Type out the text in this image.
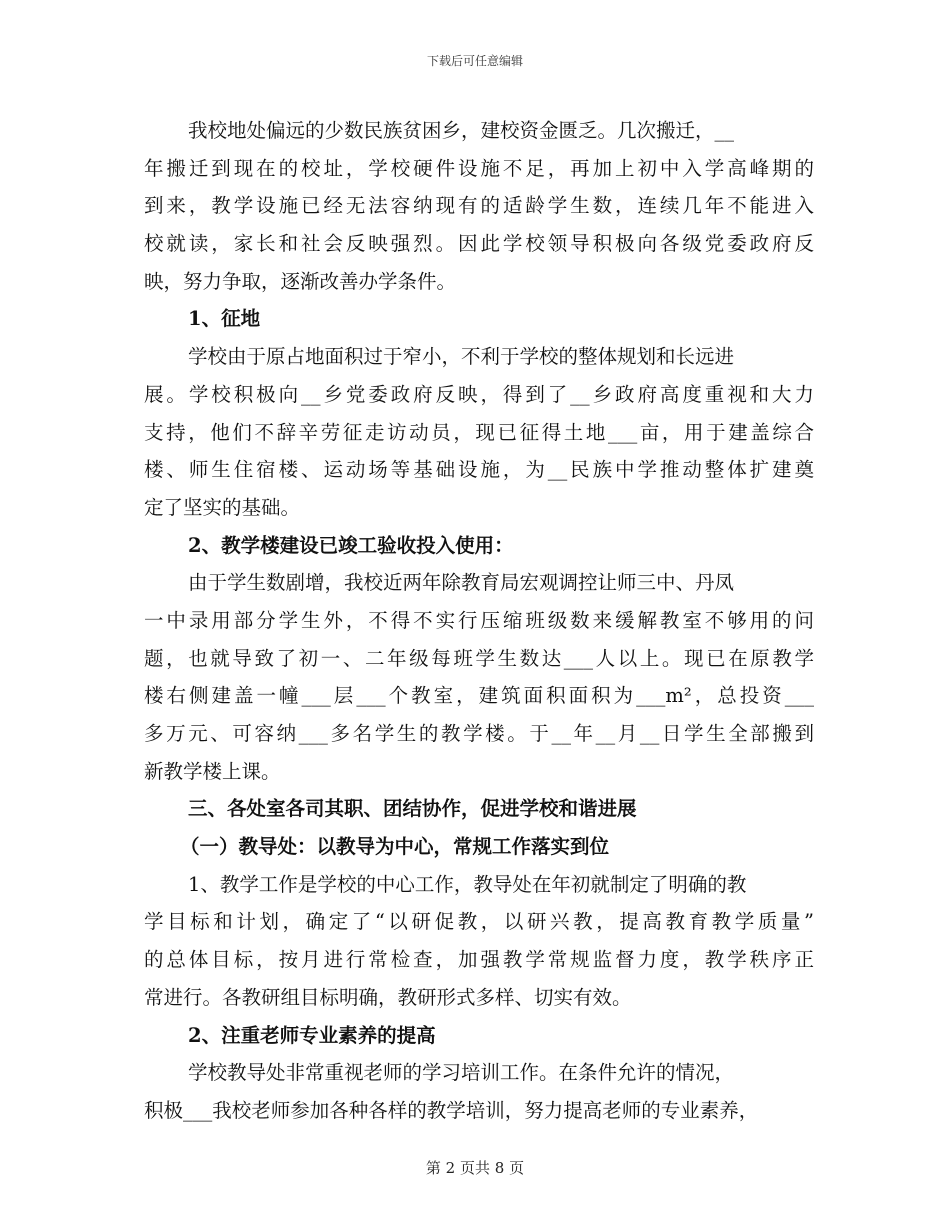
下载后可任意编辑
我校地处偏远的少数民族贫困乡，建校资金匮乏。几次搬迁，__
年搬迁到现在的校址，学校硬件设施不足，再加上初中入学高峰期的
到来，教学设施已经无法容纳现有的适龄学生数，连续几年不能进入
校就读，家长和社会反映强烈。因此学校领导积极向各级党委政府反
映，努力争取，逐渐改善办学条件。
1、征地
学校由于原占地面积过于窄小，不利于学校的整体规划和长远进
展。学校积极向__乡党委政府反映，得到了__乡政府高度重视和大力
支持，他们不辞辛劳征走访动员，现已征得土地___亩，用于建盖综合
楼、师生住宿楼、运动场等基础设施，为__民族中学推动整体扩建奠
定了坚实的基础。
2、教学楼建设已竣工验收投入使用：
由于学生数剧增，我校近两年除教育局宏观调控让师三中、丹凤
一中录用部分学生外，不得不实行压缩班级数来缓解教室不够用的问
题，也就导致了初一、二年级每班学生数达___人以上。现已在原教学
楼右侧建盖一幢___层___个教室，建筑面积面积为___m²，总投资___
多万元、可容纳___多名学生的教学楼。于__年__月__日学生全部搬到
新教学楼上课。
三、各处室各司其职、团结协作，促进学校和谐进展
（一）教导处：以教导为中心，常规工作落实到位
1、教学工作是学校的中心工作，教导处在年初就制定了明确的教
学目标和计划，确定了“以研促教，以研兴教，提高教育教学质量”
的总体目标，按月进行常检查，加强教学常规监督力度，教学秩序正
常进行。各教研组目标明确，教研形式多样、切实有效。
2、注重老师专业素养的提高
学校教导处非常重视老师的学习培训工作。在条件允许的情况，
积极___我校老师参加各种各样的教学培训，努力提高老师的专业素养，
第 2 页共 8 页
